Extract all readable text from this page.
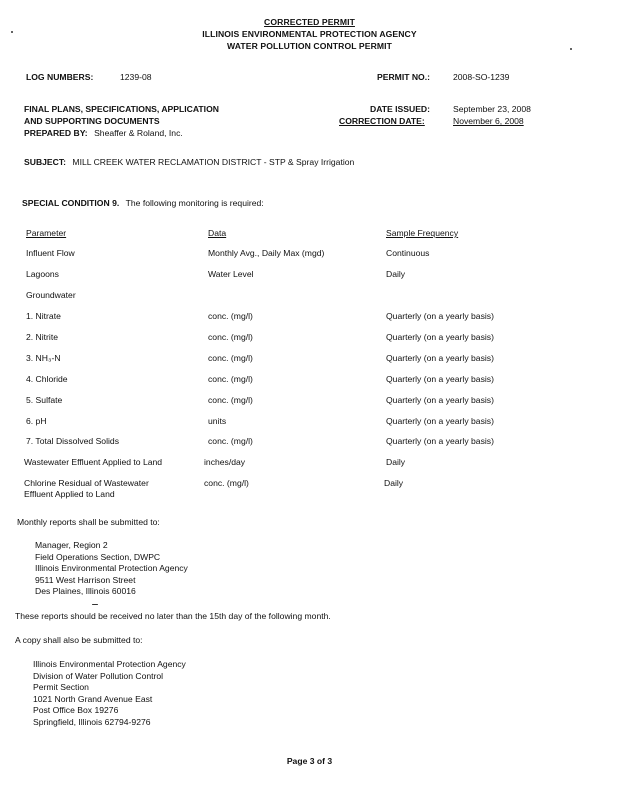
CORRECTED PERMIT
ILLINOIS ENVIRONMENTAL PROTECTION AGENCY
WATER POLLUTION CONTROL PERMIT
LOG NUMBERS:	1239-08	PERMIT NO.:	2008-SO-1239
FINAL PLANS, SPECIFICATIONS, APPLICATION
AND SUPPORTING DOCUMENTS
PREPARED BY: Sheaffer & Roland, Inc.
DATE ISSUED:	September 23, 2008
CORRECTION DATE:	November 6, 2008
SUBJECT: MILL CREEK WATER RECLAMATION DISTRICT - STP & Spray Irrigation
SPECIAL CONDITION 9. The following monitoring is required:
Parameter	Data	Sample Frequency
Influent Flow	Monthly Avg., Daily Max (mgd)	Continuous
Lagoons	Water Level	Daily
Groundwater
1. Nitrate	conc. (mg/l)	Quarterly (on a yearly basis)
2. Nitrite	conc. (mg/l)	Quarterly (on a yearly basis)
3. NH₃-N	conc. (mg/l)	Quarterly (on a yearly basis)
4. Chloride	conc. (mg/l)	Quarterly (on a yearly basis)
5. Sulfate	conc. (mg/l)	Quarterly (on a yearly basis)
6. pH	units	Quarterly (on a yearly basis)
7. Total Dissolved Solids	conc. (mg/l)	Quarterly (on a yearly basis)
Wastewater Effluent Applied to Land	inches/day	Daily
Chlorine Residual of Wastewater
Effluent Applied to Land
conc. (mg/l)	Daily
Monthly reports shall be submitted to:
Manager, Region 2
Field Operations Section, DWPC
Illinois Environmental Protection Agency
9511 West Harrison Street
Des Plaines, Illinois 60016
These reports should be received no later than the 15th day of the following month.
A copy shall also be submitted to:
Illinois Environmental Protection Agency
Division of Water Pollution Control
Permit Section
1021 North Grand Avenue East
Post Office Box 19276
Springfield, Illinois 62794-9276
Page 3 of 3
